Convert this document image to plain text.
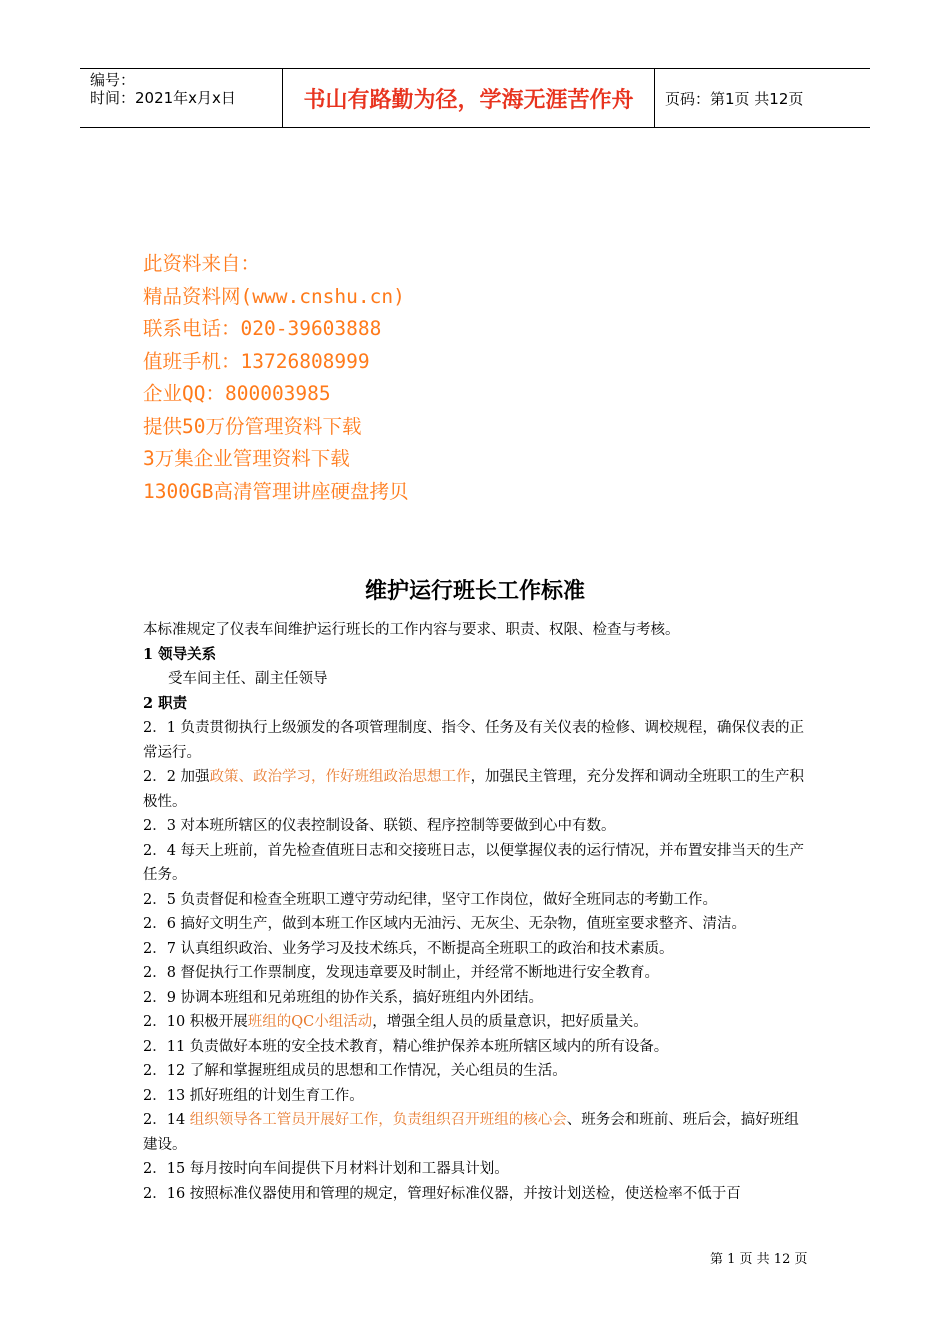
编号：
时间：2021年x月x日	书山有路勤为径，学海无涯苦作舟	页码：第1页 共12页
此资料来自：
精品资料网(www.cnshu.cn)
联系电话：020-39603888
值班手机：13726808999
企业QQ：800003985
提供50万份管理资料下载
3万集企业管理资料下载
1300GB高清管理讲座硬盘拷贝
维护运行班长工作标准

本标准规定了仪表车间维护运行班长的工作内容与要求、职责、权限、检查与考核。

1 领导关系

受车间主任、副主任领导

2 职责

2．1 负责贯彻执行上级颁发的各项管理制度、指令、任务及有关仪表的检修、调校规程，确保仪表的正常运行。

2．2 加强政策、政治学习，作好班组政治思想工作，加强民主管理，充分发挥和调动全班职工的生产积极性。

2．3 对本班所辖区的仪表控制设备、联锁、程序控制等要做到心中有数。

2．4 每天上班前，首先检查值班日志和交接班日志，以便掌握仪表的运行情况，并布置安排当天的生产任务。

2．5 负责督促和检查全班职工遵守劳动纪律，坚守工作岗位，做好全班同志的考勤工作。

2．6 搞好文明生产，做到本班工作区域内无油污、无灰尘、无杂物，值班室要求整齐、清洁。

2．7 认真组织政治、业务学习及技术练兵，不断提高全班职工的政治和技术素质。

2．8 督促执行工作票制度，发现违章要及时制止，并经常不断地进行安全教育。

2．9 协调本班组和兄弟班组的协作关系，搞好班组内外团结。

2．10 积极开展班组的QC小组活动，增强全组人员的质量意识，把好质量关。

2．11 负责做好本班的安全技术教育，精心维护保养本班所辖区域内的所有设备。

2．12 了解和掌握班组成员的思想和工作情况，关心组员的生活。

2．13 抓好班组的计划生育工作。

2．14 组织领导各工管员开展好工作，负责组织召开班组的核心会、班务会和班前、班后会，搞好班组建设。

2．15 每月按时向车间提供下月材料计划和工器具计划。

2．16 按照标准仪器使用和管理的规定，管理好标准仪器，并按计划送检，使送检率不低于百

第 1 页 共 12 页
